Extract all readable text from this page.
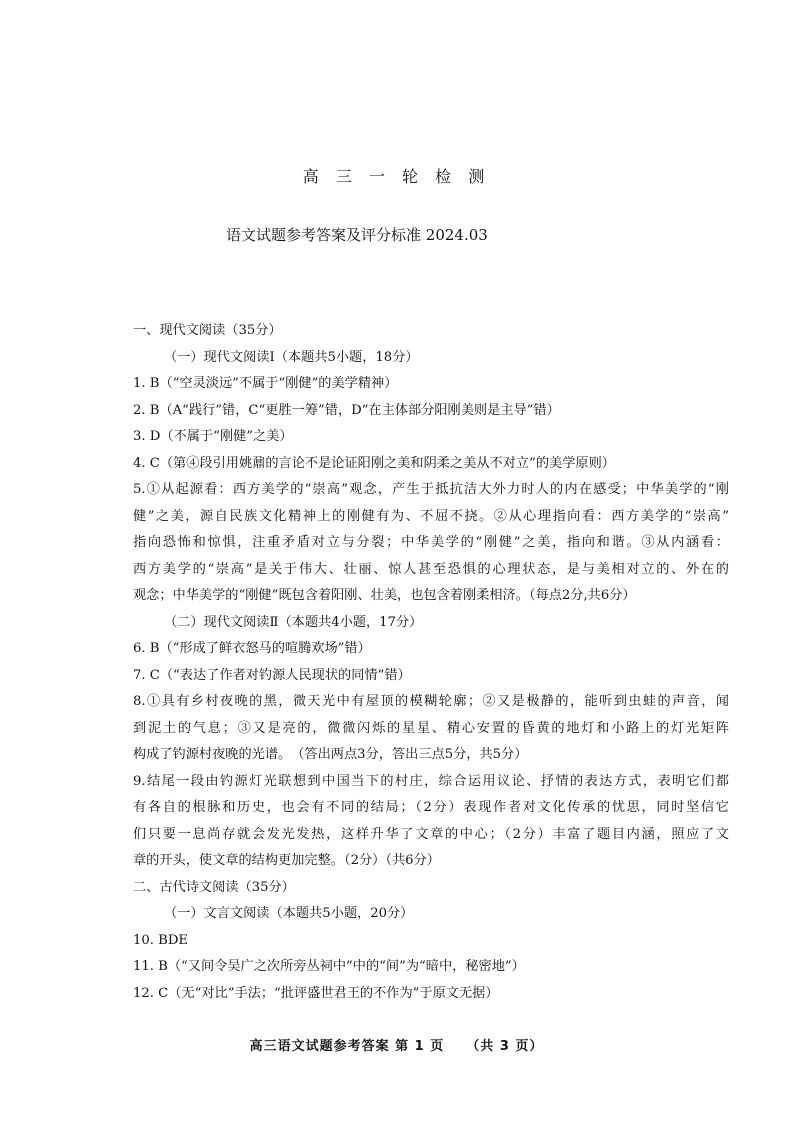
高 三 一 轮 检 测
语文试题参考答案及评分标准 2024.03
一、现代文阅读（35分）
（一）现代文阅读Ⅰ（本题共5小题，18分）
1. B（“空灵淡远”不属于“刚健”的美学精神）
2. B（A“践行”错，C“更胜一筹”错，D“在主体部分阳刚美则是主导”错）
3. D（不属于“刚健”之美）
4. C（第④段引用姚鼐的言论不是论证阳刚之美和阴柔之美从不对立”的美学原则）
5.①从起源看：西方美学的“崇高”观念，产生于抵抗洁大外力时人的内在感受；中华美学的“刚
健”之美，源自民族文化精神上的刚健有为、不屈不挠。②从心理指向看：西方美学的“崇高”
指向恐怖和惊惧，注重矛盾对立与分裂；中华美学的“刚健”之美，指向和谐。③从内涵看：
西方美学的“崇高”是关于伟大、壮丽、惊人甚至恐惧的心理状态，是与美相对立的、外在的
观念；中华美学的“刚健”既包含着阳刚、壮美，也包含着刚柔相济。（每点2分,共6分）
（二）现代文阅读Ⅱ（本题共4小题，17分）
6. B（“形成了鲜衣怒马的喧腾欢场”错）
7. C（“表达了作者对钓源人民现状的同情”错）
8.①具有乡村夜晚的黑，微天光中有屋顶的模糊轮廓；②又是极静的，能听到虫蛙的声音，闻
到泥土的气息；③又是亮的，微微闪烁的星星、精心安置的昏黄的地灯和小路上的灯光矩阵
构成了钓源村夜晚的光谱。　（答出两点3分，答出三点5分，共5分）
9.结尾一段由钓源灯光联想到中国当下的村庄，综合运用议论、抒情的表达方式，表明它们都
有各自的根脉和历史，也会有不同的结局；（2分）表现作者对文化传承的忧思，同时坚信它
们只要一息尚存就会发光发热，这样升华了文章的中心；（2分）丰富了题目内涵，照应了文
章的开头，使文章的结构更加完整。（2分）（共6分）
二、古代诗文阅读（35分）
（一）文言文阅读（本题共5小题，20分）
10. BDE
11. B（“又间令吴广之次所旁丛祠中”中的“间”为“暗中，秘密地”）
12. C（无“对比”手法；“批评盛世君王的不作为”于原文无据）
高三语文试题参考答案 第 1 页    （共 3 页）
